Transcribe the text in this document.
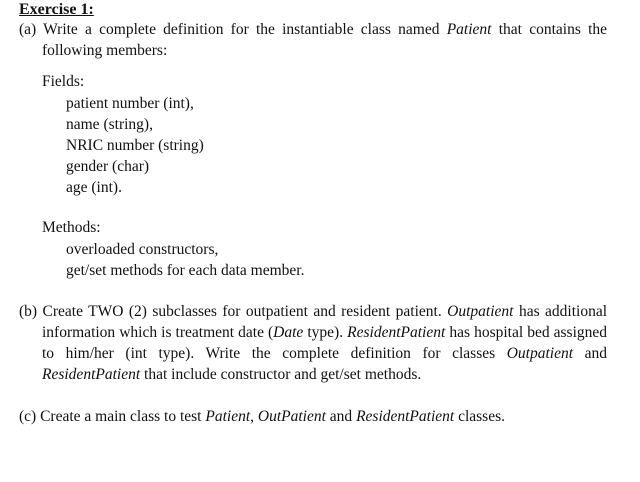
Exercise 1:
(a) Write a complete definition for the instantiable class named Patient that contains the
following members:
Fields:
patient number (int),
name (string),
NRIC number (string)
gender (char)
age (int).
Methods:
overloaded constructors,
get/set methods for each data member.
(b) Create TWO (2) subclasses for outpatient and resident patient. Outpatient has additional
information which is treatment date (Date type). ResidentPatient has hospital bed assigned
to him/her (int type). Write the complete definition for classes Outpatient and
ResidentPatient that include constructor and get/set methods.
(c) Create a main class to test Patient, OutPatient and ResidentPatient classes.
